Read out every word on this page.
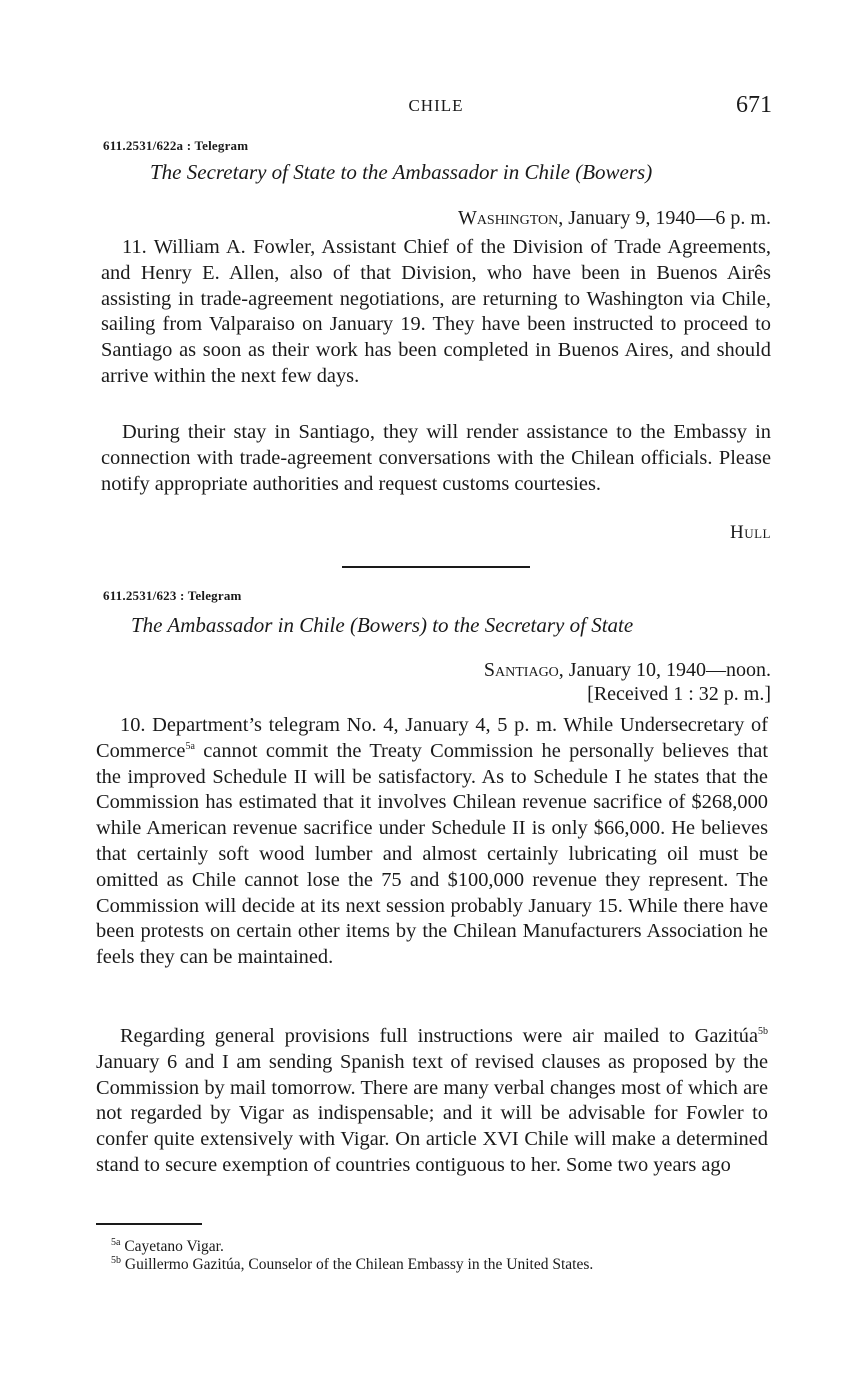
CHILE	671
611.2531/622a : Telegram
The Secretary of State to the Ambassador in Chile (Bowers)
Washington, January 9, 1940—6 p. m.

11. William A. Fowler, Assistant Chief of the Division of Trade Agreements, and Henry E. Allen, also of that Division, who have been in Buenos Airês assisting in trade-agreement negotiations, are returning to Washington via Chile, sailing from Valparaiso on January 19. They have been instructed to proceed to Santiago as soon as their work has been completed in Buenos Aires, and should arrive within the next few days.

During their stay in Santiago, they will render assistance to the Embassy in connection with trade-agreement conversations with the Chilean officials. Please notify appropriate authorities and request customs courtesies.

Hull
611.2531/623 : Telegram
The Ambassador in Chile (Bowers) to the Secretary of State
Santiago, January 10, 1940—noon.
[Received 1 : 32 p. m.]

10. Department’s telegram No. 4, January 4, 5 p. m. While Undersecretary of Commerce$^{5a}$ cannot commit the Treaty Commission he personally believes that the improved Schedule II will be satisfactory. As to Schedule I he states that the Commission has estimated that it involves Chilean revenue sacrifice of $268,000 while American revenue sacrifice under Schedule II is only $66,000. He believes that certainly soft wood lumber and almost certainly lubricating oil must be omitted as Chile cannot lose the 75 and $100,000 revenue they represent. The Commission will decide at its next session probably January 15. While there have been protests on certain other items by the Chilean Manufacturers Association he feels they can be maintained.

Regarding general provisions full instructions were air mailed to Gazitúa$^{5b}$ January 6 and I am sending Spanish text of revised clauses as proposed by the Commission by mail tomorrow. There are many verbal changes most of which are not regarded by Vigar as indispensable; and it will be advisable for Fowler to confer quite extensively with Vigar. On article XVI Chile will make a determined stand to secure exemption of countries contiguous to her. Some two years ago

$^{5a}$ Cayetano Vigar.
$^{5b}$ Guillermo Gazitúa, Counselor of the Chilean Embassy in the United States.
